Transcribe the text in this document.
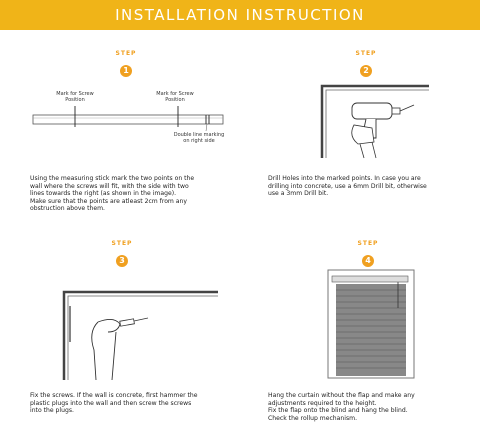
INSTALLATION INSTRUCTION
STEP
1
Mark for Screw
Position
Mark for Screw
Position
Double line marking
on right side
Using the measuring stick mark the two points on the
wall where the screws will fit, with the side with two
lines towards the right (as shown in the image).
Make sure that the points are atleast 2cm from any
obstruction above them.
STEP
2
Drill Holes into the marked points. In case you are
drilling into concrete, use a 6mm Drill bit, otherwise
use a 3mm Drill bit.
STEP
3
Fix the screws. If the wall is concrete, first hammer the
plastic plugs into the wall and then screw the screws
into the plugs.
STEP
4
Hang the curtain without the flap and make any
adjustments required to the height.
Fix the flap onto the blind and hang the blind.
Check the rollup mechanism.
